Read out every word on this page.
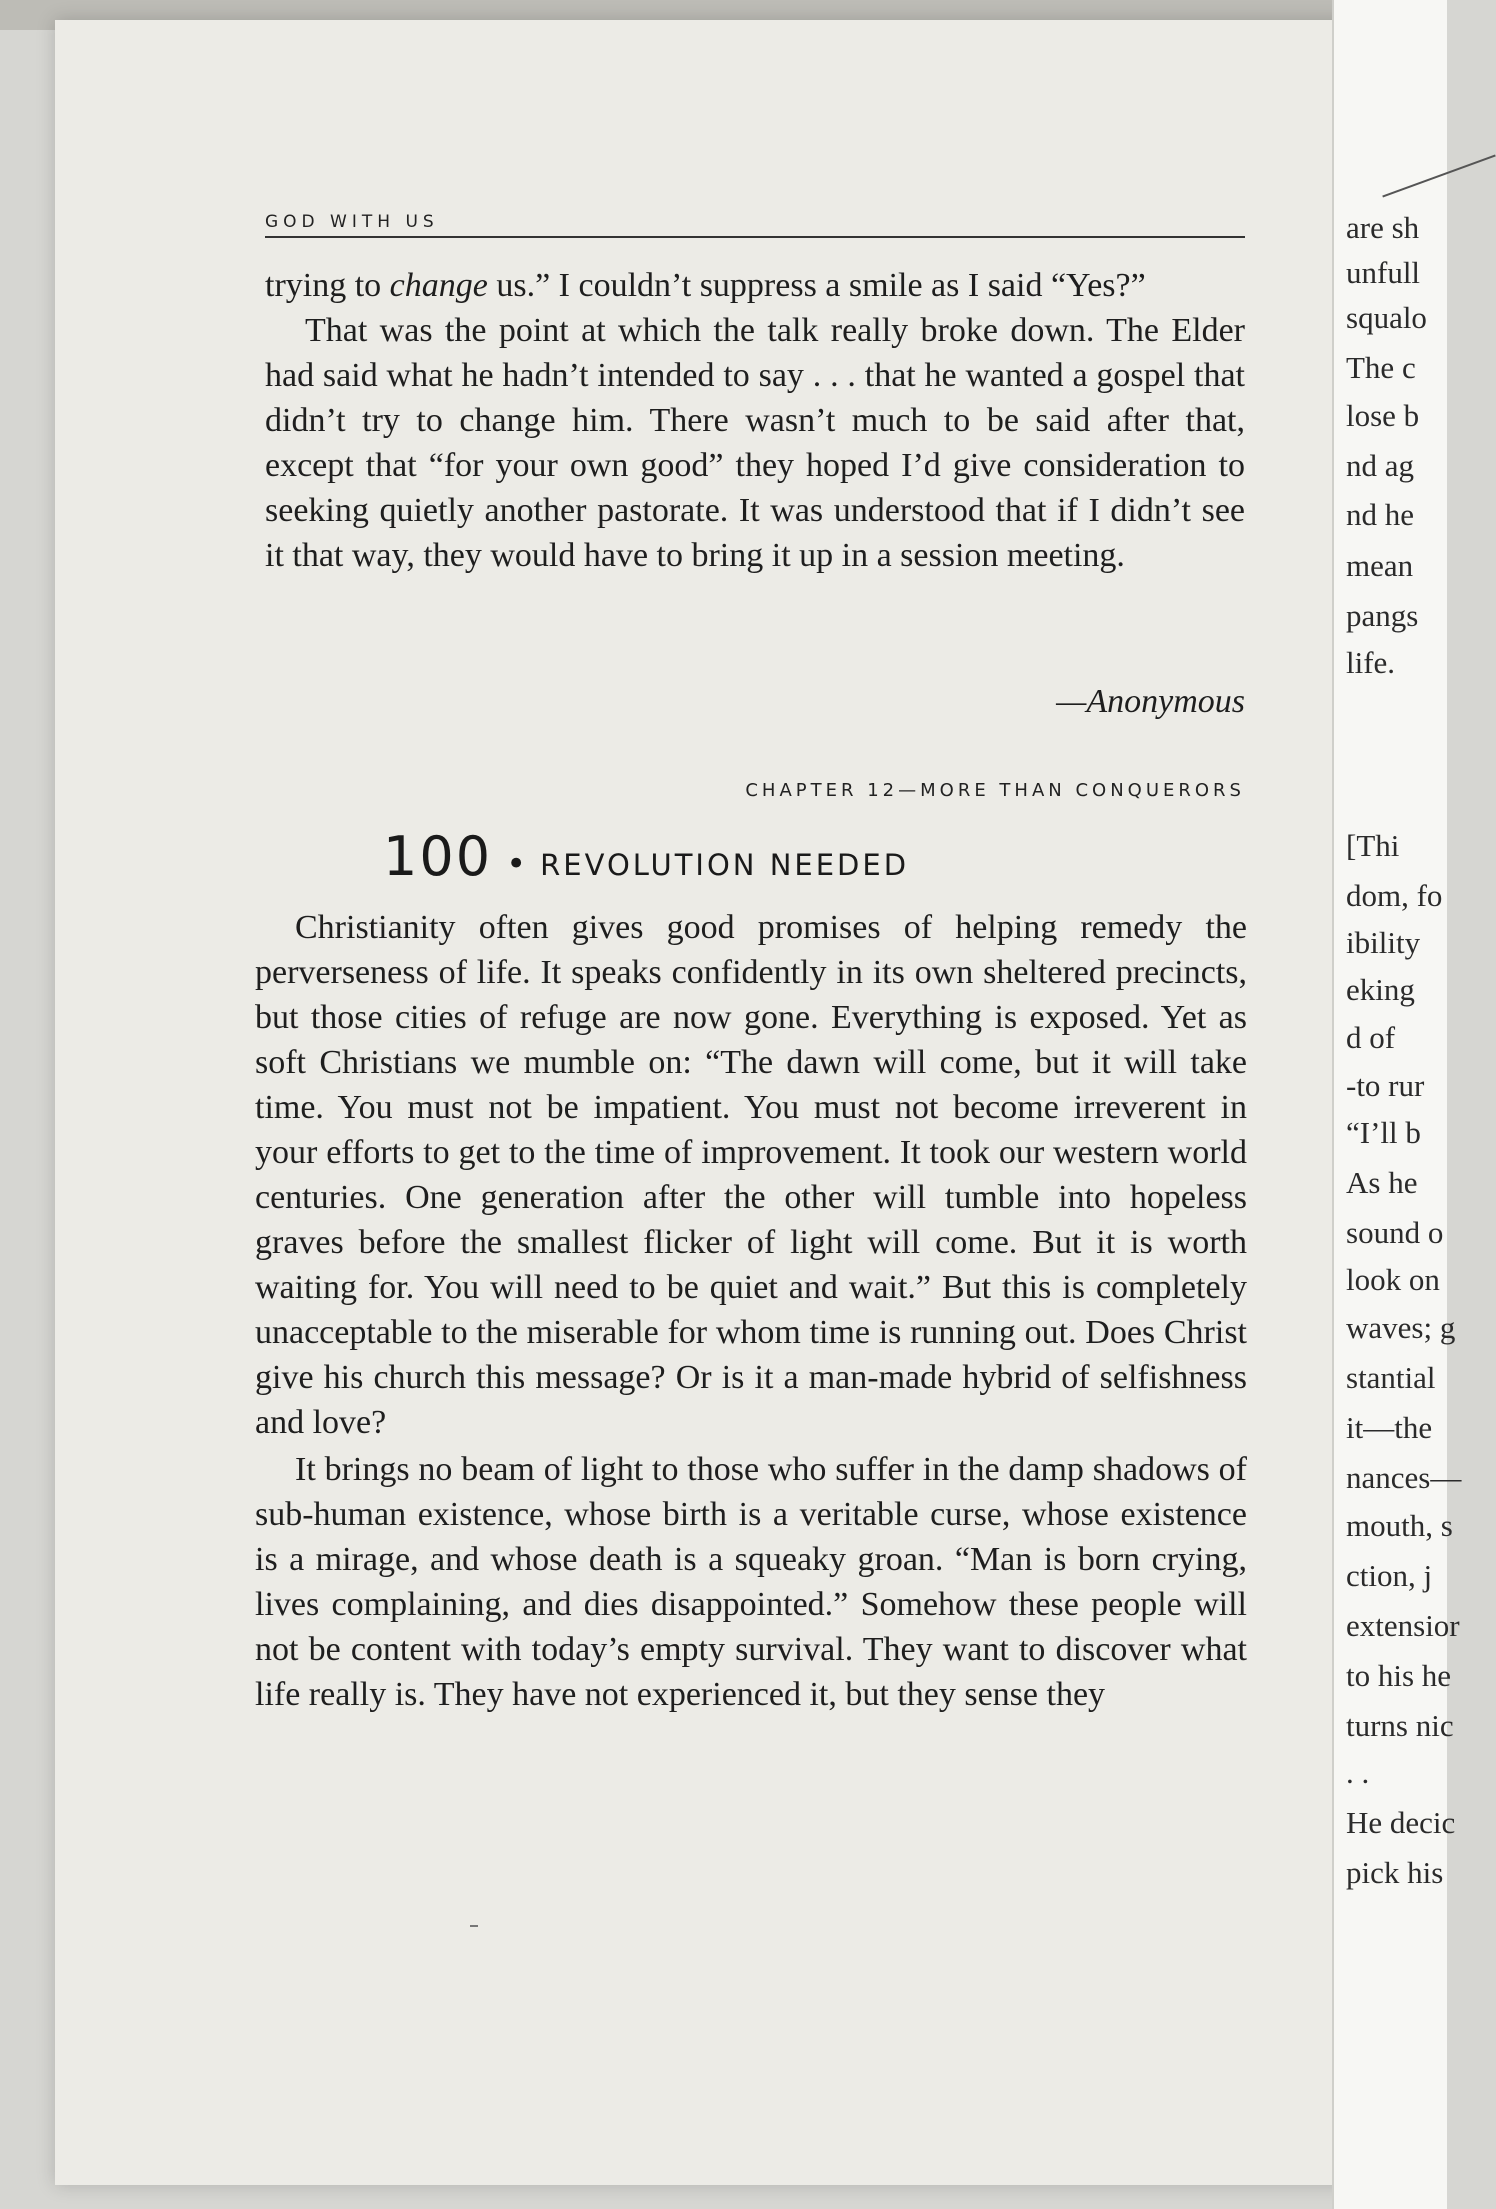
GOD WITH US

trying to change us.” I couldn’t suppress a smile as I said “Yes?”

That was the point at which the talk really broke down. The Elder had said what he hadn’t intended to say . . . that he wanted a gospel that didn’t try to change him. There wasn’t much to be said after that, except that “for your own good” they hoped I’d give consideration to seeking quietly another pastorate. It was understood that if I didn’t see it that way, they would have to bring it up in a session meeting.

—Anonymous
CHAPTER 12—MORE THAN CONQUERORS
100 • REVOLUTION NEEDED

Christianity often gives good promises of helping remedy the perverseness of life. It speaks confidently in its own sheltered precincts, but those cities of refuge are now gone. Everything is exposed. Yet as soft Christians we mumble on: “The dawn will come, but it will take time. You must not be impatient. You must not become irreverent in your efforts to get to the time of improvement. It took our western world centuries. One generation after the other will tumble into hopeless graves before the smallest flicker of light will come. But it is worth waiting for. You will need to be quiet and wait.” But this is completely unacceptable to the miserable for whom time is running out. Does Christ give his church this message? Or is it a man-made hybrid of selfishness and love?

It brings no beam of light to those who suffer in the damp shadows of sub-human existence, whose birth is a veritable curse, whose existence is a mirage, and whose death is a squeaky groan. “Man is born crying, lives complaining, and dies disappointed.” Somehow these people will not be content with today’s empty survival. They want to discover what life really is. They have not experienced it, but they sense they

are sh
unfull
squalo
The c
lose b
nd ag
nd he
mean
pangs
life.
[Thi
dom, fo
ibility
eking
d of
-to rur
“I’ll b
As he
sound o
look on
waves; g
stantial
it—the
nances—
mouth, s
ction, j
extensior
to his he
turns nic
. .
He decic
pick his
